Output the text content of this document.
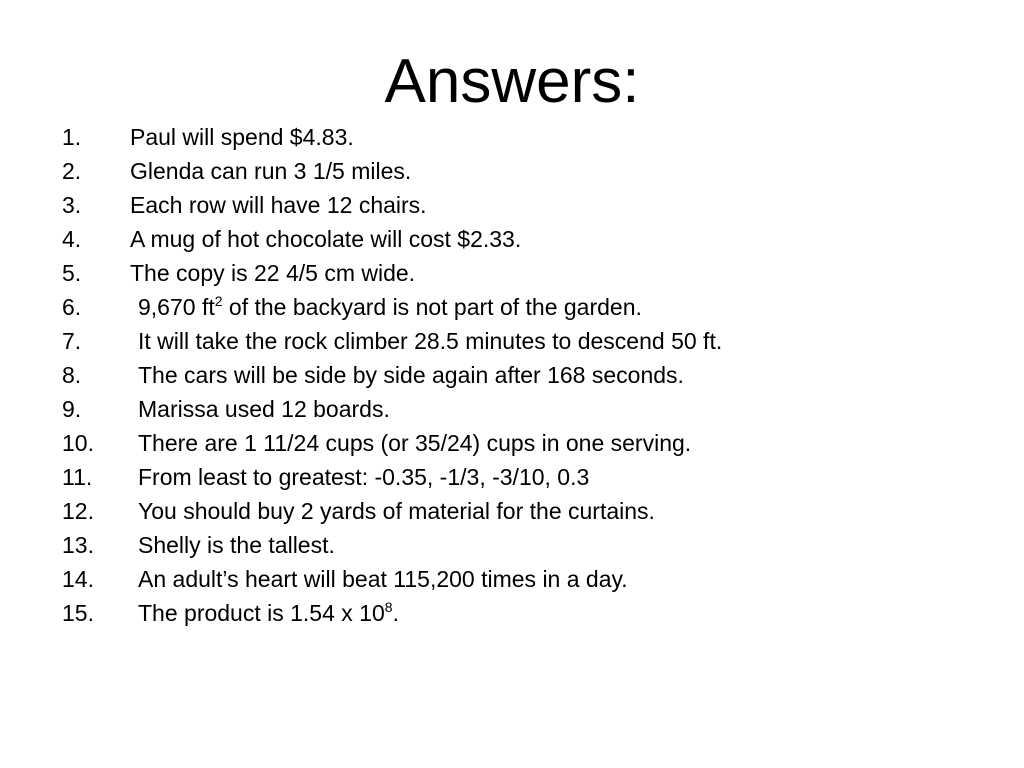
Answers:
1. Paul will spend $4.83.
2. Glenda can run 3 1/5 miles.
3. Each row will have 12 chairs.
4. A mug of hot chocolate will cost $2.33.
5. The copy is 22 4/5 cm wide.
6. 9,670 $ft^2$ of the backyard is not part of the garden.
7. It will take the rock climber 28.5 minutes to descend 50 ft.
8. The cars will be side by side again after 168 seconds.
9. Marissa used 12 boards.
10. There are 1 11/24 cups (or 35/24) cups in one serving.
11. From least to greatest: -0.35, -1/3, -3/10, 0.3
12. You should buy 2 yards of material for the curtains.
13. Shelly is the tallest.
14. An adult’s heart will beat 115,200 times in a day.
15. The product is 1.54 x $10^8$.
